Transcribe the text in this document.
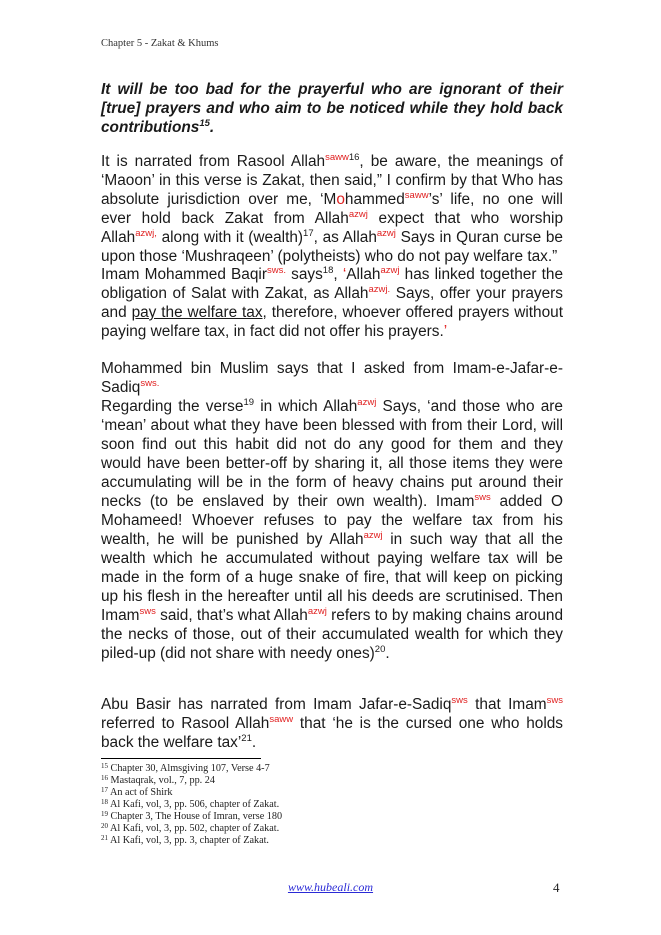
Chapter 5 - Zakat & Khums
It will be too bad for the prayerful who are ignorant of their [true] prayers and who aim to be noticed while they hold back contributions$^{15}$.
It is narrated from Rasool Allah$^{saww16}$, be aware, the meanings of ‘Maoon’ in this verse is Zakat, then said,” I confirm by that Who has absolute jurisdiction over me, ‘Mohammed$^{saww}$’s’ life, no one will ever hold back Zakat from Allah$^{azwj}$ expect that who worship Allah$^{azwj,}$ along with it (wealth)$^{17}$, as Allah$^{azwj}$ Says in Quran curse be upon those ‘Mushraqeen’ (polytheists) who do not pay welfare tax.”
Imam Mohammed Baqir$^{sws.}$ says$^{18}$, ‘Allah$^{azwj}$ has linked together the obligation of Salat with Zakat, as Allah$^{azwj.}$ Says, offer your prayers and pay the welfare tax, therefore, whoever offered prayers without paying welfare tax, in fact did not offer his prayers.’
Mohammed bin Muslim says that I asked from Imam-e-Jafar-e-Sadiq$^{sws.}$
Regarding the verse$^{19}$ in which Allah$^{azwj}$ Says, ‘and those who are ‘mean’ about what they have been blessed with from their Lord, will soon find out this habit did not do any good for them and they would have been better-off by sharing it, all those items they were accumulating will be in the form of heavy chains put around their necks (to be enslaved by their own wealth). Imam$^{sws}$ added O Mohameed! Whoever refuses to pay the welfare tax from his wealth, he will be punished by Allah$^{azwj}$ in such way that all the wealth which he accumulated without paying welfare tax will be made in the form of a huge snake of fire, that will keep on picking up his flesh in the hereafter until all his deeds are scrutinised. Then Imam$^{sws}$ said, that’s what Allah$^{azwj}$ refers to by making chains around the necks of those, out of their accumulated wealth for which they piled-up (did not share with needy ones)$^{20}$.
Abu Basir has narrated from Imam Jafar-e-Sadiq$^{sws}$ that Imam$^{sws}$ referred to Rasool Allah$^{saww}$ that ‘he is the cursed one who holds back the welfare tax’$^{21}$.
$^{15}$ Chapter 30, Almsgiving 107, Verse 4-7
$^{16}$ Mastaqrak, vol., 7, pp. 24
$^{17}$ An act of Shirk
$^{18}$ Al Kafi, vol, 3, pp. 506, chapter of Zakat.
$^{19}$ Chapter 3, The House of Imran, verse 180
$^{20}$ Al Kafi, vol, 3, pp. 502, chapter of Zakat.
$^{21}$ Al Kafi, vol, 3, pp. 3, chapter of Zakat.
www.hubeali.com	4
